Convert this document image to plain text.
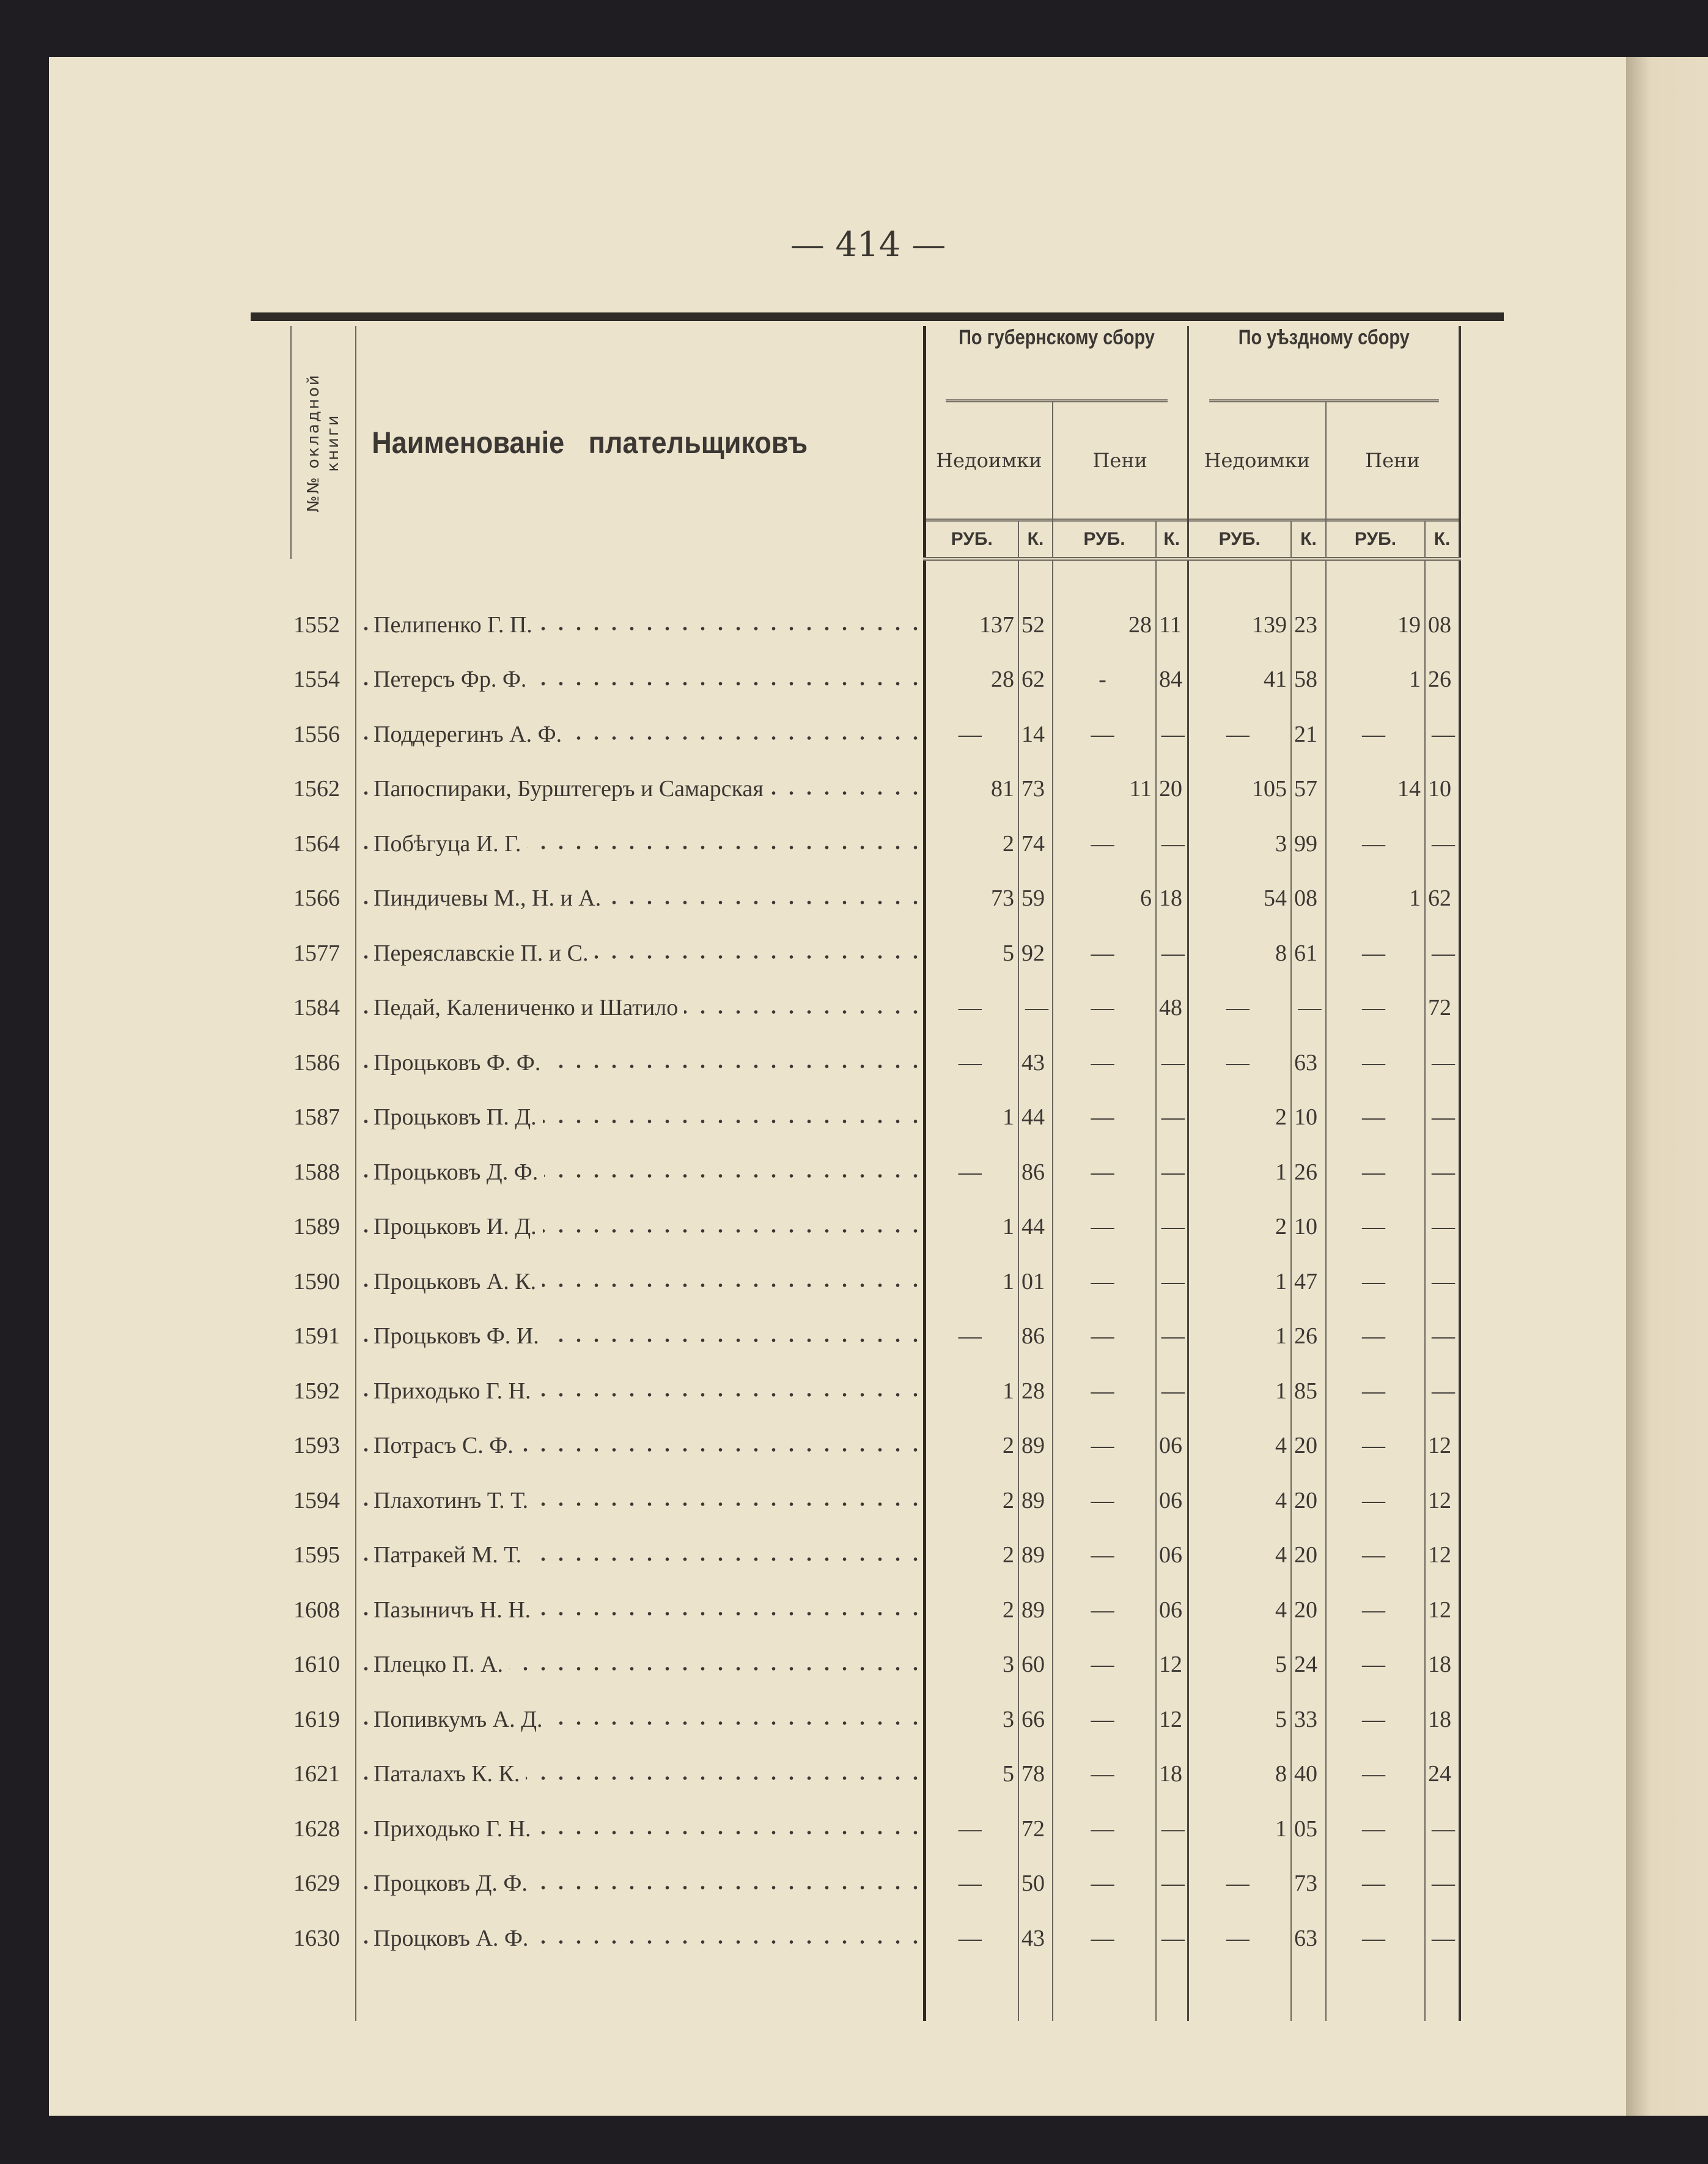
— 414 —
№№ окладной книги	Наименованіе плательщиковъ	По губернскому сбору				По уѣздному сбору			

		Недоимки		Пени		Недоимки		Пени	

		РУБ.	К.	РУБ.	К.	РУБ.	К.	РУБ.	К.

1552	Пелипенко Г. П.	137	52	28	11	139	23	19	08
1554	Петерсъ Фр. Ф.	28	62	-	84	41	58	1	26
1556	Поддерегинъ А. Ф.	—	14	—	—	—	21	—	—
1562	Папоспираки, Бурштегеръ и Самарская	81	73	11	20	105	57	14	10
1564	Побѣгуца И. Г.	2	74	—	—	3	99	—	—
1566	Пиндичевы М., Н. и А.	73	59	6	18	54	08	1	62
1577	Переяславскіе П. и С.	5	92	—	—	8	61	—	—
1584	Педай, Калениченко и Шатило	—	—	—	48	—	—	—	72
1586	Процьковъ Ф. Ф.	—	43	—	—	—	63	—	—
1587	Процьковъ П. Д.	1	44	—	—	2	10	—	—
1588	Процьковъ Д. Ф.	—	86	—	—	1	26	—	—
1589	Процьковъ И. Д.	1	44	—	—	2	10	—	—
1590	Процьковъ А. К.	1	01	—	—	1	47	—	—
1591	Процьковъ Ф. И.	—	86	—	—	1	26	—	—
1592	Приходько Г. Н.	1	28	—	—	1	85	—	—
1593	Потрасъ С. Ф.	2	89	—	06	4	20	—	12
1594	Плахотинъ Т. Т.	2	89	—	06	4	20	—	12
1595	Патракей М. Т.	2	89	—	06	4	20	—	12
1608	Пазыничъ Н. Н.	2	89	—	06	4	20	—	12
1610	Плецко П. А.	3	60	—	12	5	24	—	18
1619	Попивкумъ А. Д.	3	66	—	12	5	33	—	18
1621	Паталахъ К. К.	5	78	—	18	8	40	—	24
1628	Приходько Г. Н.	—	72	—	—	1	05	—	—
1629	Процковъ Д. Ф.	—	50	—	—	—	73	—	—
1630	Процковъ А. Ф.	—	43	—	—	—	63	—	—
